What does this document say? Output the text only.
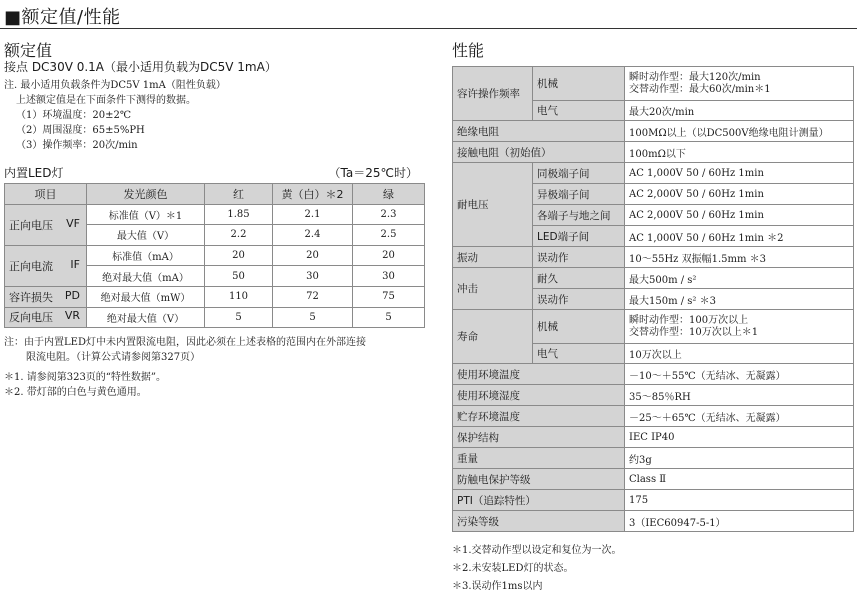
■额定值/性能
额定值
接点 DC30V 0.1A（最小适用负载为DC5V 1mA）
注. 最小适用负载条件为DC5V 1mA（阻性负载）
上述额定值是在下面条件下测得的数据。
（1）环境温度：20±2℃
（2）周围湿度：65±5%PH
（3）操作频率：20次/min
内置LED灯	（Ta＝25℃时）
项目	发光颜色	红	黄（白）＊2	绿
正向电压 VF	标准值（V）＊1	1.85	2.1	2.3
	最大值（V）	2.2	2.4	2.5
正向电流 IF	标准值（mA）	20	20	20
	绝对最大值（mA）	50	30	30
容许损失 PD	绝对最大值（mW）	110	72	75
反向电压 VR	绝对最大值（V）	5	5	5
注：由于内置LED灯中未内置限流电阻，因此必须在上述表格的范围内在外部连接
限流电阻。（计算公式请参阅第327页）
＊1. 请参阅第323页的“特性数据”。
＊2. 带灯部的白色与黄色通用。
性能
容许操作频率	机械	瞬时动作型：最大120次/min
交替动作型：最大60次/min＊1

	电气	最大20次/min
绝缘电阻		100MΩ以上（以DC500V绝缘电阻计测量）
接触电阻（初始值）		100mΩ以下
耐电压	同极端子间	AC 1,000V 50 / 60Hz 1min
	异极端子间	AC 2,000V 50 / 60Hz 1min
	各端子与地之间	AC 2,000V 50 / 60Hz 1min
	LED端子间	AC 1,000V 50 / 60Hz 1min ＊2
振动	误动作	10～55Hz 双振幅1.5mm ＊3
冲击	耐久	最大500m / s²
	误动作	最大150m / s² ＊3
寿命	机械	瞬时动作型：100万次以上
交替动作型：10万次以上＊1

	电气	10万次以上
使用环境温度		－10～＋55℃（无结冰、无凝露）
使用环境湿度		35～85％RH
贮存环境温度		－25～＋65℃（无结冰、无凝露）
保护结构		IEC IP40
重量		约3g
防触电保护等级		Class Ⅱ
PTI（追踪特性）		175
污染等级		3（IEC60947-5-1）
＊1.交替动作型以设定和复位为一次。
＊2.未安装LED灯的状态。
＊3.误动作1ms以内
